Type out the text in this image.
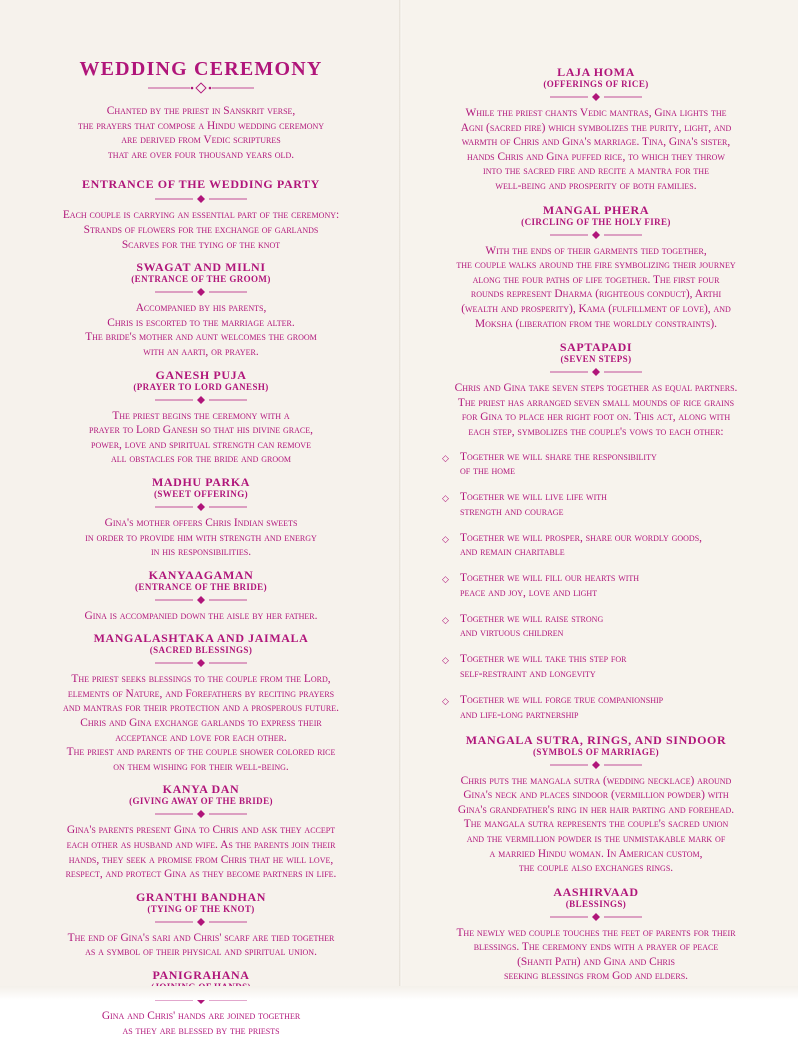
WEDDING CEREMONY

Chanted by the priest in Sanskrit verse,
the prayers that compose a Hindu wedding ceremony
are derived from Vedic scriptures
that are over four thousand years old.

ENTRANCE OF THE WEDDING PARTY

Each couple is carrying an essential part of the ceremony:
Strands of flowers for the exchange of garlands
Scarves for the tying of the knot

SWAGAT AND MILNI

(ENTRANCE OF THE GROOM)

Accompanied by his parents,
Chris is escorted to the marriage alter.
The bride's mother and aunt welcomes the groom
with an aarti, or prayer.

GANESH PUJA

(PRAYER TO LORD GANESH)

The priest begins the ceremony with a
prayer to Lord Ganesh so that his divine grace,
power, love and spiritual strength can remove
all obstacles for the bride and groom

MADHU PARKA

(SWEET OFFERING)

Gina's mother offers Chris Indian sweets
in order to provide him with strength and energy
in his responsibilities.

KANYAAGAMAN

(ENTRANCE OF THE BRIDE)

Gina is accompanied down the aisle by her father.

MANGALASHTAKA AND JAIMALA

(SACRED BLESSINGS)

The priest seeks blessings to the couple from the Lord,
elements of Nature, and Forefathers by reciting prayers
and mantras for their protection and a prosperous future.
Chris and Gina exchange garlands to express their
acceptance and love for each other.
The priest and parents of the couple shower colored rice
on them wishing for their well-being.

KANYA DAN

(GIVING AWAY OF THE BRIDE)

Gina's parents present Gina to Chris and ask they accept
each other as husband and wife. As the parents join their
hands, they seek a promise from Chris that he will love,
respect, and protect Gina as they become partners in life.

GRANTHI BANDHAN

(TYING OF THE KNOT)

The end of Gina's sari and Chris' scarf are tied together
as a symbol of their physical and spiritual union.

PANIGRAHANA

Gina and Chris' hands are joined together
as they are blessed by the priests

LAJA HOMA

(OFFERINGS OF RICE)

While the priest chants Vedic mantras, Gina lights the
Agni (sacred fire) which symbolizes the purity, light, and
warmth of Chris and Gina's marriage. Tina, Gina's sister,
hands Chris and Gina puffed rice, to which they throw
into the sacred fire and recite a mantra for the
well-being and prosperity of both families.

MANGAL PHERA

(CIRCLING OF THE HOLY FIRE)

With the ends of their garments tied together,
the couple walks around the fire symbolizing their journey
along the four paths of life together. The first four
rounds represent Dharma (righteous conduct), Arthi
(wealth and prosperity), Kama (fulfillment of love), and
Moksha (liberation from the worldly constraints).

SAPTAPADI

(SEVEN STEPS)

Chris and Gina take seven steps together as equal partners.
The priest has arranged seven small mounds of rice grains
for Gina to place her right foot on. This act, along with
each step, symbolizes the couple's vows to each other:

◇ Together we will share the responsibility
of the home
◇ Together we will live life with
strength and courage
◇ Together we will prosper, share our wordly goods,
and remain charitable
◇ Together we will fill our hearts with
peace and joy, love and light
◇ Together we will raise strong
and virtuous children
◇ Together we will take this step for
self-restraint and longevity
◇ Together we will forge true companionship
and life-long partnership

MANGALA SUTRA, RINGS, AND SINDOOR

(SYMBOLS OF MARRIAGE)

Chris puts the mangala sutra (wedding necklace) around
Gina's neck and places sindoor (vermillion powder) with
Gina's grandfather's ring in her hair parting and forehead.
The mangala sutra represents the couple's sacred union
and the vermillion powder is the unmistakable mark of
a married Hindu woman. In American custom,
the couple also exchanges rings.

AASHIRVAAD

(BLESSINGS)

The newly wed couple touches the feet of parents for their
blessings. The ceremony ends with a prayer of peace
(Shanti Path) and Gina and Chris
seeking blessings from God and elders.
